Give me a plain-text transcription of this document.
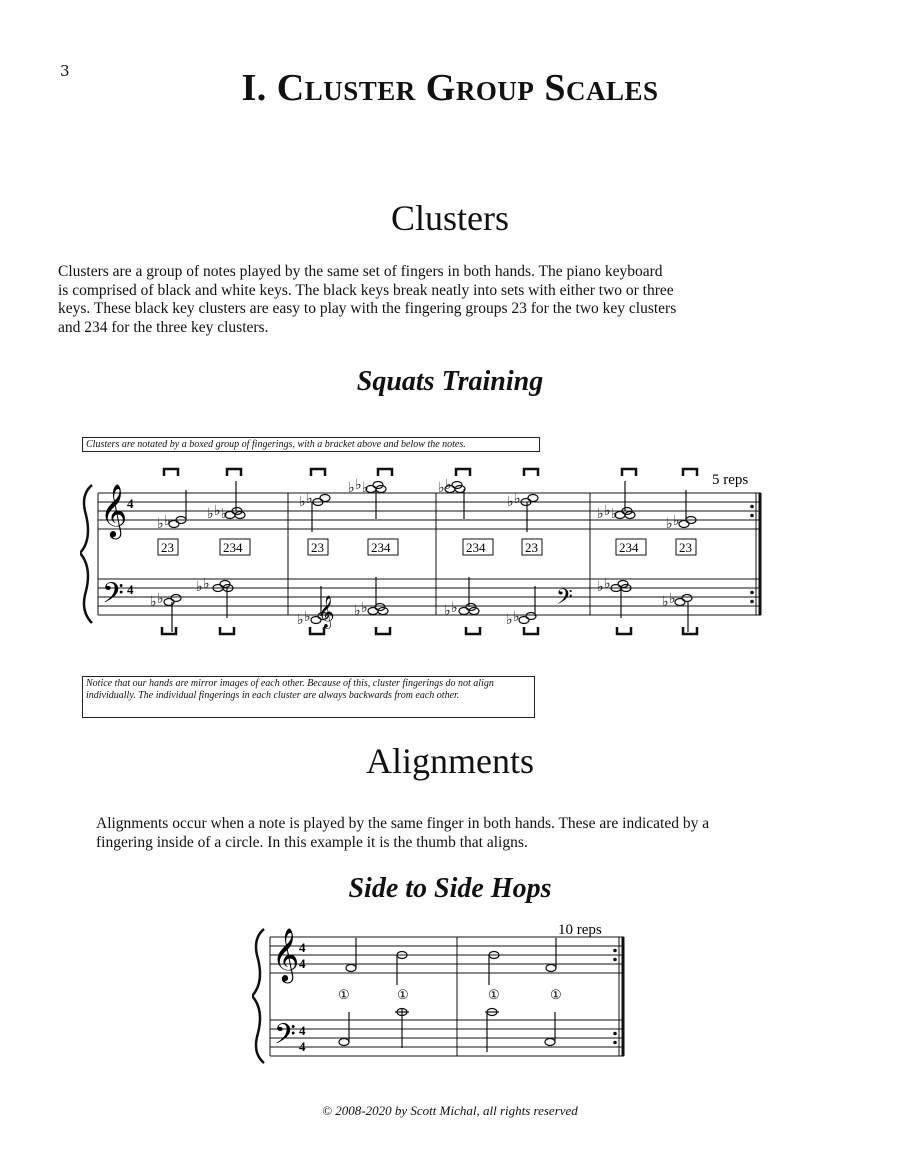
3	I. Cluster Group Scales
Clusters
Clusters are a group of notes played by the same set of fingers in both hands. The piano keyboard
is comprised of black and white keys. The black keys break neatly into sets with either two or three
keys. These black key clusters are easy to play with the fingering groups 23 for the two key clusters
and 234 for the three key clusters.
Squats Training
Clusters are notated by a boxed group of fingerings, with a bracket above and below the notes.
𝄞
𝄢
4
4
𝄞	𝄢
5 reps
♭ ♭	♭ ♭ ♭
♭ ♭
♭ ♭ ♭	♭ ♭
♭ ♭
♭ ♭ ♭
♭ ♭
♭ ♭
♭ ♭
♭ ♭	♭ ♭	♭ ♭
♭ ♭
♭ ♭
♭ ♭
23	234	23	234	234	23	234	23
Notice that our hands are mirror images of each other. Because of this, cluster fingerings do not align individually. The individual fingerings in each cluster are always backwards from each other.
Alignments
Alignments occur when a note is played by the same finger in both hands. These are indicated by a
fingering inside of a circle. In this example it is the thumb that aligns.
Side to Side Hops
𝄞
𝄢
4
4
4
4
10 reps
①	①	①	①
© 2008-2020 by Scott Michal, all rights reserved
